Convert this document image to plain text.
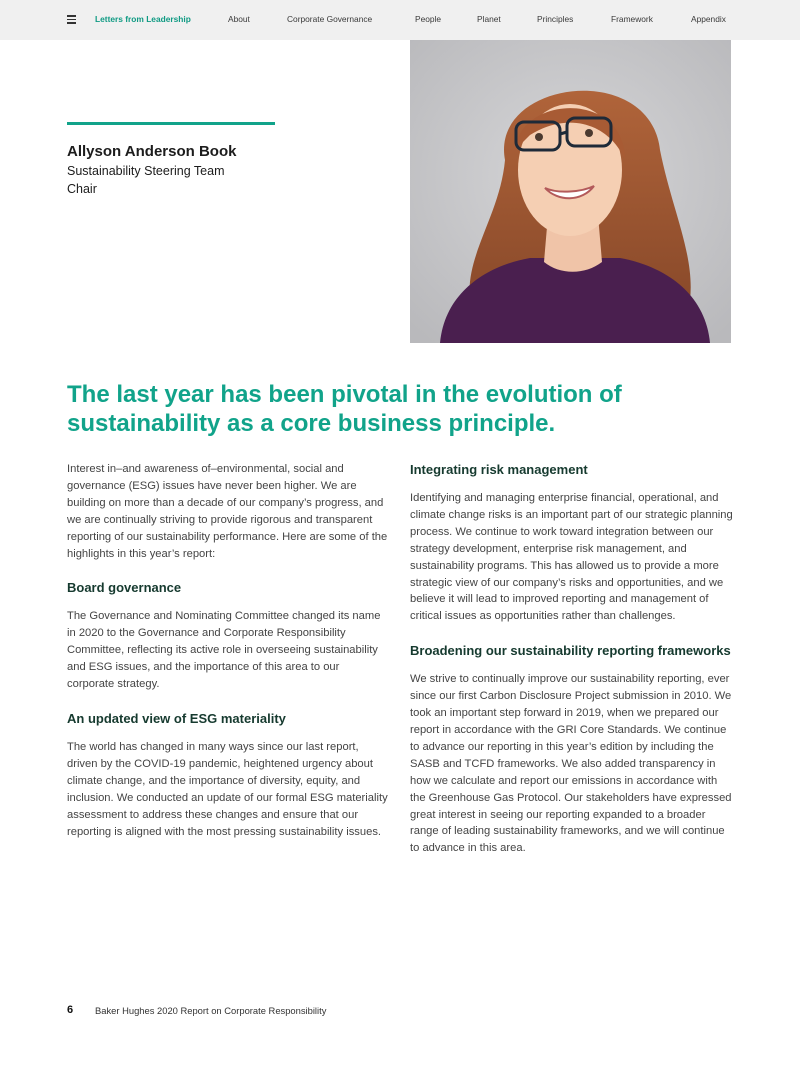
Letters from Leadership	About	Corporate Governance	People	Planet	Principles	Framework	Appendix
Allyson Anderson Book
Sustainability Steering Team Chair
The last year has been pivotal in the evolution of sustainability as a core business principle.

Interest in–and awareness of–environmental, social and governance (ESG) issues have never been higher. We are building on more than a decade of our company’s progress, and we are continually striving to provide rigorous and transparent reporting of our sustainability performance. Here are some of the highlights in this year’s report:

Board governance

The Governance and Nominating Committee changed its name in 2020 to the Governance and Corporate Responsibility Committee, reflecting its active role in overseeing sustainability and ESG issues, and the importance of this area to our corporate strategy.

An updated view of ESG materiality

The world has changed in many ways since our last report, driven by the COVID-19 pandemic, heightened urgency about climate change, and the importance of diversity, equity, and inclusion. We conducted an update of our formal ESG materiality assessment to address these changes and ensure that our reporting is aligned with the most pressing sustainability issues.

Integrating risk management

Identifying and managing enterprise financial, operational, and climate change risks is an important part of our strategic planning process. We continue to work toward integration between our strategy development, enterprise risk management, and sustainability programs. This has allowed us to provide a more strategic view of our company’s risks and opportunities, and we believe it will lead to improved reporting and management of critical issues as opportunities rather than challenges.

Broadening our sustainability reporting frameworks

We strive to continually improve our sustainability reporting, ever since our first Carbon Disclosure Project submission in 2010. We took an important step forward in 2019, when we prepared our report in accordance with the GRI Core Standards. We continue to advance our reporting in this year’s edition by including the SASB and TCFD frameworks. We also added transparency in how we calculate and report our emissions in accordance with the Greenhouse Gas Protocol. Our stakeholders have expressed great interest in seeing our reporting expanded to a broader range of leading sustainability frameworks, and we will continue to advance in this area.

6 Baker Hughes 2020 Report on Corporate Responsibility
